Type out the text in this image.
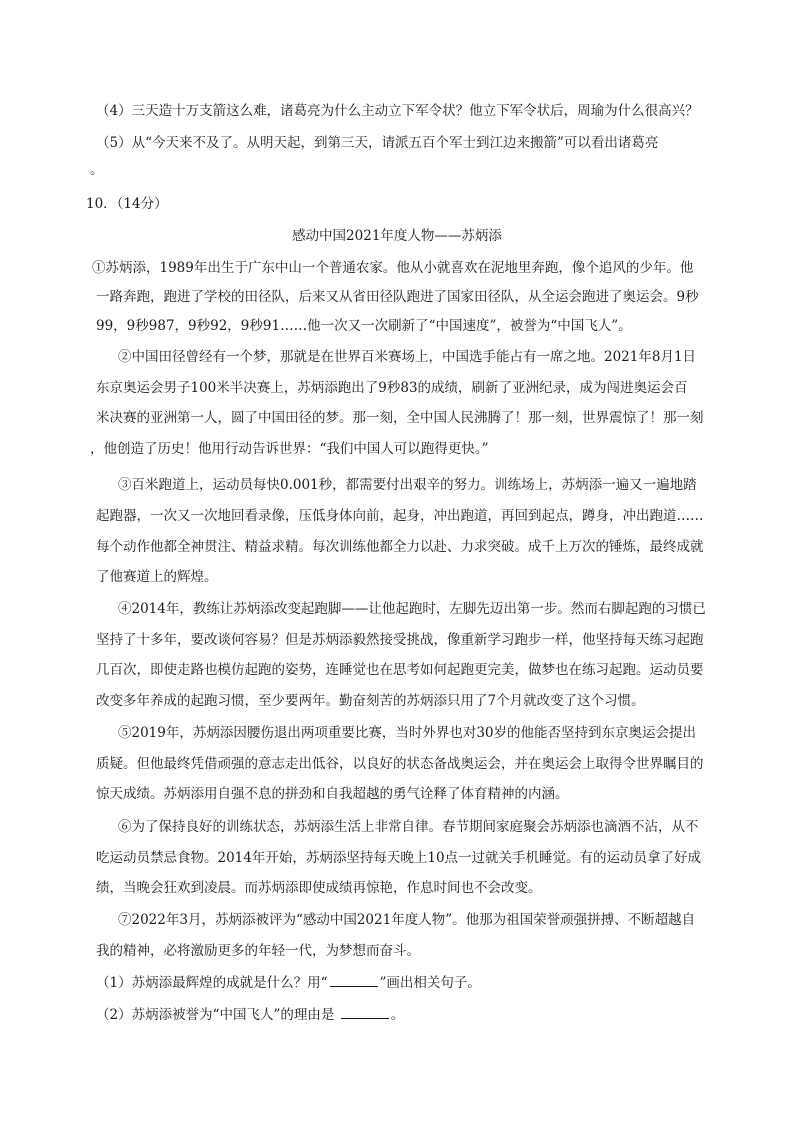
（4）三天造十万支箭这么难，诸葛亮为什么主动立下军令状？他立下军令状后，周瑜为什么很高兴？
（5）从“今天来不及了。从明天起，到第三天，请派五百个军士到江边来搬箭”可以看出诸葛亮
。
10．（14分）
感动中国2021年度人物——苏炳添
①苏炳添，1989年出生于广东中山一个普通农家。他从小就喜欢在泥地里奔跑，像个追风的少年。他
一路奔跑，跑进了学校的田径队，后来又从省田径队跑进了国家田径队，从全运会跑进了奥运会。9秒
99，9秒987，9秒92，9秒91……他一次又一次刷新了“中国速度”，被誉为“中国飞人”。
②中国田径曾经有一个梦，那就是在世界百米赛场上，中国选手能占有一席之地。2021年8月1日
东京奥运会男子100米半决赛上，苏炳添跑出了9秒83的成绩，刷新了亚洲纪录，成为闯进奥运会百
米决赛的亚洲第一人，圆了中国田径的梦。那一刻，全中国人民沸腾了！那一刻，世界震惊了！那一刻
，他创造了历史！他用行动告诉世界：“我们中国人可以跑得更快。”
③百米跑道上，运动员每快0.001秒，都需要付出艰辛的努力。训练场上，苏炳添一遍又一遍地踏
起跑器，一次又一次地回看录像，压低身体向前，起身，冲出跑道，再回到起点，蹲身，冲出跑道……
每个动作他都全神贯注、精益求精。每次训练他都全力以赴、力求突破。成千上万次的锤炼，最终成就
了他赛道上的辉煌。
④2014年，教练让苏炳添改变起跑脚——让他起跑时，左脚先迈出第一步。然而右脚起跑的习惯已
坚持了十多年，要改谈何容易？但是苏炳添毅然接受挑战，像重新学习跑步一样，他坚持每天练习起跑
几百次，即使走路也模仿起跑的姿势，连睡觉也在思考如何起跑更完美，做梦也在练习起跑。运动员要
改变多年养成的起跑习惯，至少要两年。勤奋刻苦的苏炳添只用了7个月就改变了这个习惯。
⑤2019年，苏炳添因腰伤退出两项重要比赛，当时外界也对30岁的他能否坚持到东京奥运会提出
质疑。但他最终凭借顽强的意志走出低谷，以良好的状态备战奥运会，并在奥运会上取得令世界瞩目的
惊天成绩。苏炳添用自强不息的拼劲和自我超越的勇气诠释了体育精神的内涵。
⑥为了保持良好的训练状态，苏炳添生活上非常自律。春节期间家庭聚会苏炳添也滴酒不沾，从不
吃运动员禁忌食物。2014年开始，苏炳添坚持每天晚上10点一过就关手机睡觉。有的运动员拿了好成
绩，当晚会狂欢到凌晨。而苏炳添即使成绩再惊艳，作息时间也不会改变。
⑦2022年3月，苏炳添被评为“感动中国2021年度人物”。他那为祖国荣誉顽强拼搏、不断超越自
我的精神，必将激励更多的年轻一代，为梦想而奋斗。
（1）苏炳添最辉煌的成就是什么？用“	”画出相关句子。
（2）苏炳添被誉为“中国飞人”的理由是	。
